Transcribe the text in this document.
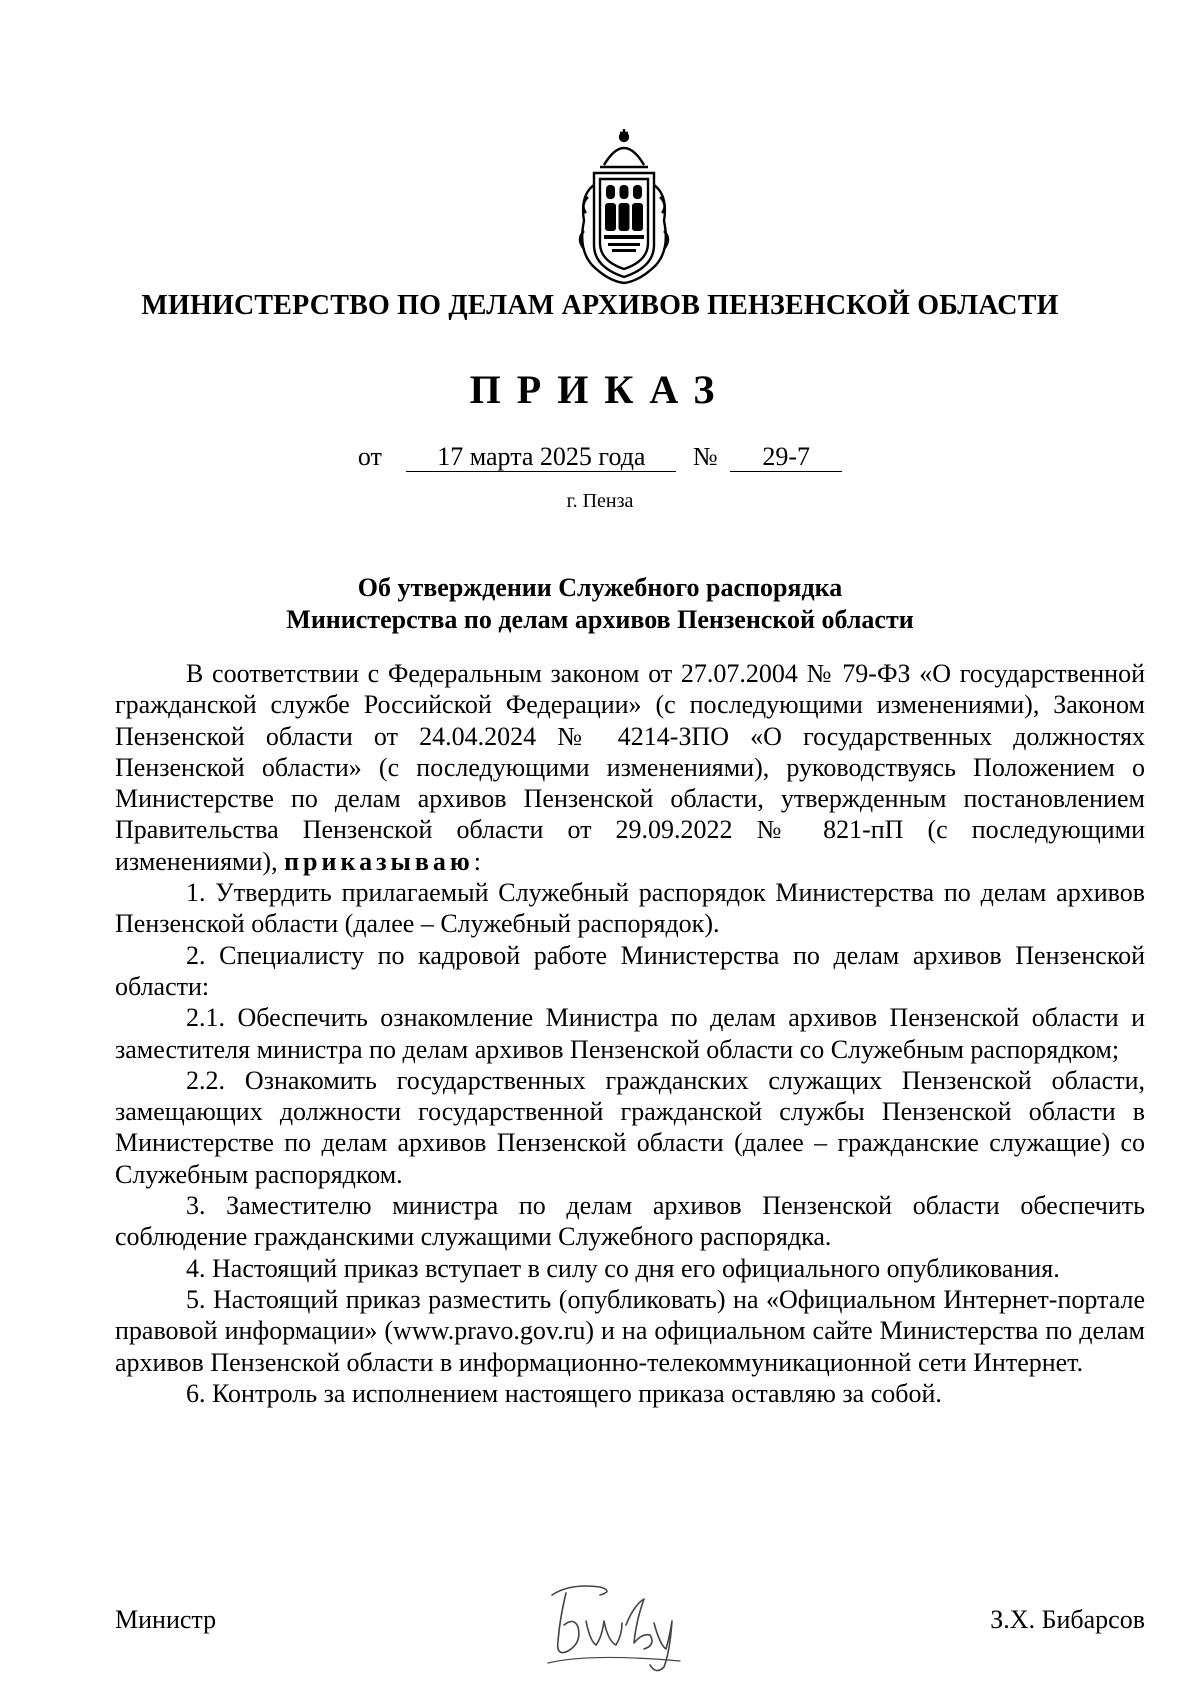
МИНИСТЕРСТВО ПО ДЕЛАМ АРХИВОВ ПЕНЗЕНСКОЙ ОБЛАСТИ
ПРИКАЗ
от 17 марта 2025 года № 29-7
г. Пенза
Об утверждении Служебного распорядка
Министерства по делам архивов Пензенской области

В соответствии с Федеральным законом от 27.07.2004 № 79-ФЗ «О государственной гражданской службе Российской Федерации» (с последующими изменениями), Законом Пензенской области от 24.04.2024 № 4214-ЗПО «О государственных должностях Пензенской области» (с последующими изменениями), руководствуясь Положением о Министерстве по делам архивов Пензенской области, утвержденным постановлением Правительства Пензенской области от 29.09.2022 № 821-пП (с последующими изменениями), приказываю:

1. Утвердить прилагаемый Служебный распорядок Министерства по делам архивов Пензенской области (далее – Служебный распорядок).

2. Специалисту по кадровой работе Министерства по делам архивов Пензенской области:

2.1. Обеспечить ознакомление Министра по делам архивов Пензенской области и заместителя министра по делам архивов Пензенской области со Служебным распорядком;

2.2. Ознакомить государственных гражданских служащих Пензенской области, замещающих должности государственной гражданской службы Пензенской области в Министерстве по делам архивов Пензенской области (далее – гражданские служащие) со Служебным распорядком.

3. Заместителю министра по делам архивов Пензенской области обеспечить соблюдение гражданскими служащими Служебного распорядка.

4. Настоящий приказ вступает в силу со дня его официального опубликования.

5. Настоящий приказ разместить (опубликовать) на «Официальном Интернет-портале правовой информации» (www.pravo.gov.ru) и на официальном сайте Министерства по делам архивов Пензенской области в информационно-телекоммуникационной сети Интернет.

6. Контроль за исполнением настоящего приказа оставляю за собой.

Министр	З.Х. Бибарсов
